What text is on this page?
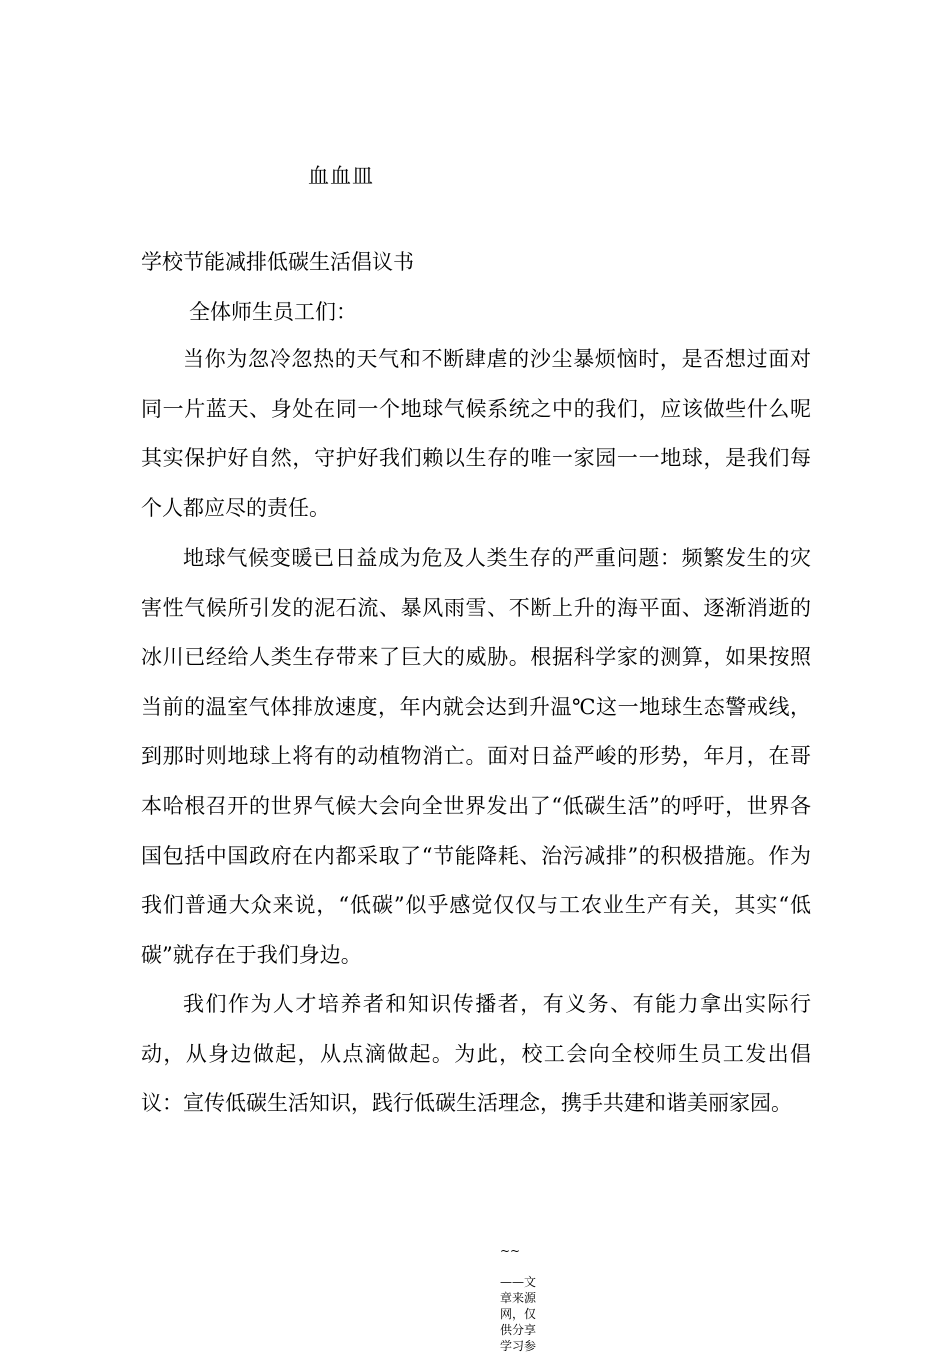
血血皿
学校节能减排低碳生活倡议书
全体师生员工们：

当你为忽冷忽热的天气和不断肆虐的沙尘暴烦恼时，是否想过面对同一片蓝天、身处在同一个地球气候系统之中的我们，应该做些什么呢其实保护好自然，守护好我们赖以生存的唯一家园一一地球，是我们每个人都应尽的责任。

地球气候变暖已日益成为危及人类生存的严重问题：频繁发生的灾害性气候所引发的泥石流、暴风雨雪、不断上升的海平面、逐渐消逝的冰川已经给人类生存带来了巨大的威胁。根据科学家的测算，如果按照当前的温室气体排放速度，年内就会达到升温℃这一地球生态警戒线，到那时则地球上将有的动植物消亡。面对日益严峻的形势，年月，在哥本哈根召开的世界气候大会向全世界发出了“低碳生活”的呼吁，世界各国包括中国政府在内都采取了“节能降耗、治污减排”的积极措施。作为我们普通大众来说，“低碳”似乎感觉仅仅与工农业生产有关，其实“低碳”就存在于我们身边。

我们作为人才培养者和知识传播者，有义务、有能力拿出实际行动，从身边做起，从点滴做起。为此，校工会向全校师生员工发出倡议：宣传低碳生活知识，践行低碳生活理念，携手共建和谐美丽家园。

~~
——文章来源网，仅供分享学习参
